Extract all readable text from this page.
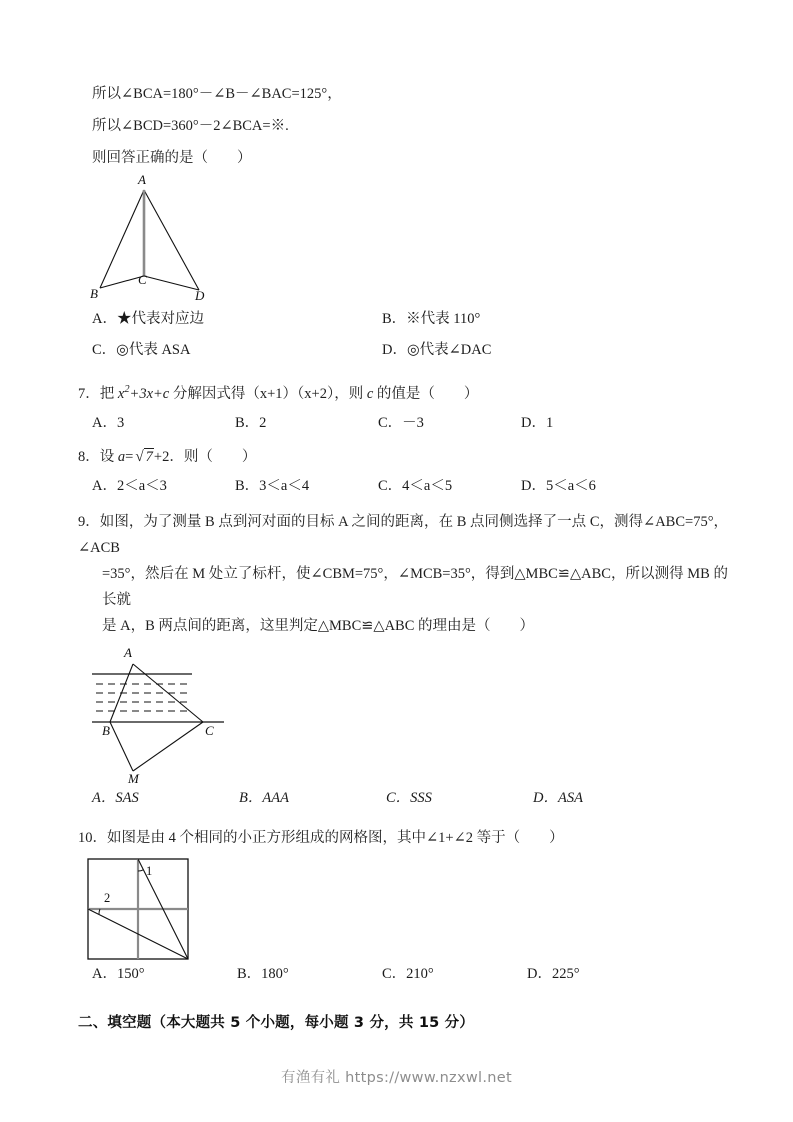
所以∠BCA=180°－∠B－∠BAC=125°，
所以∠BCD=360°－2∠BCA=※.
则回答正确的是（　　）
A
B
C
D
A．★代表对应边	B．※代表 110°
C．◎代表 ASA	D．◎代表∠DAC
7．把 $x^2+3x+c$ 分解因式得（x+1）（x+2），则 c 的值是（　　）
A．3	B．2	C．－3	D．1
8．设 a= √ 7+2．则（　　）
A．2＜a＜3	B．3＜a＜4	C．4＜a＜5	D．5＜a＜6
9．如图，为了测量 B 点到河对面的目标 A 之间的距离，在 B 点同侧选择了一点 C，测得∠ABC=75°，∠ACB
=35°，然后在 M 处立了标杆，使∠CBM=75°，∠MCB=35°，得到△MBC≌△ABC，所以测得 MB 的长就
是 A，B 两点间的距离，这里判定△MBC≌△ABC 的理由是（　　）
A
B	C
M
A．SAS	B．AAA	C．SSS	D．ASA
10．如图是由 4 个相同的小正方形组成的网格图，其中∠1+∠2 等于（　　）
1
2
A．150°	B．180°	C．210°	D．225°
二、填空题（本大题共 5 个小题，每小题 3 分，共 15 分）
有渔有礼 https://www.nzxwl.net
